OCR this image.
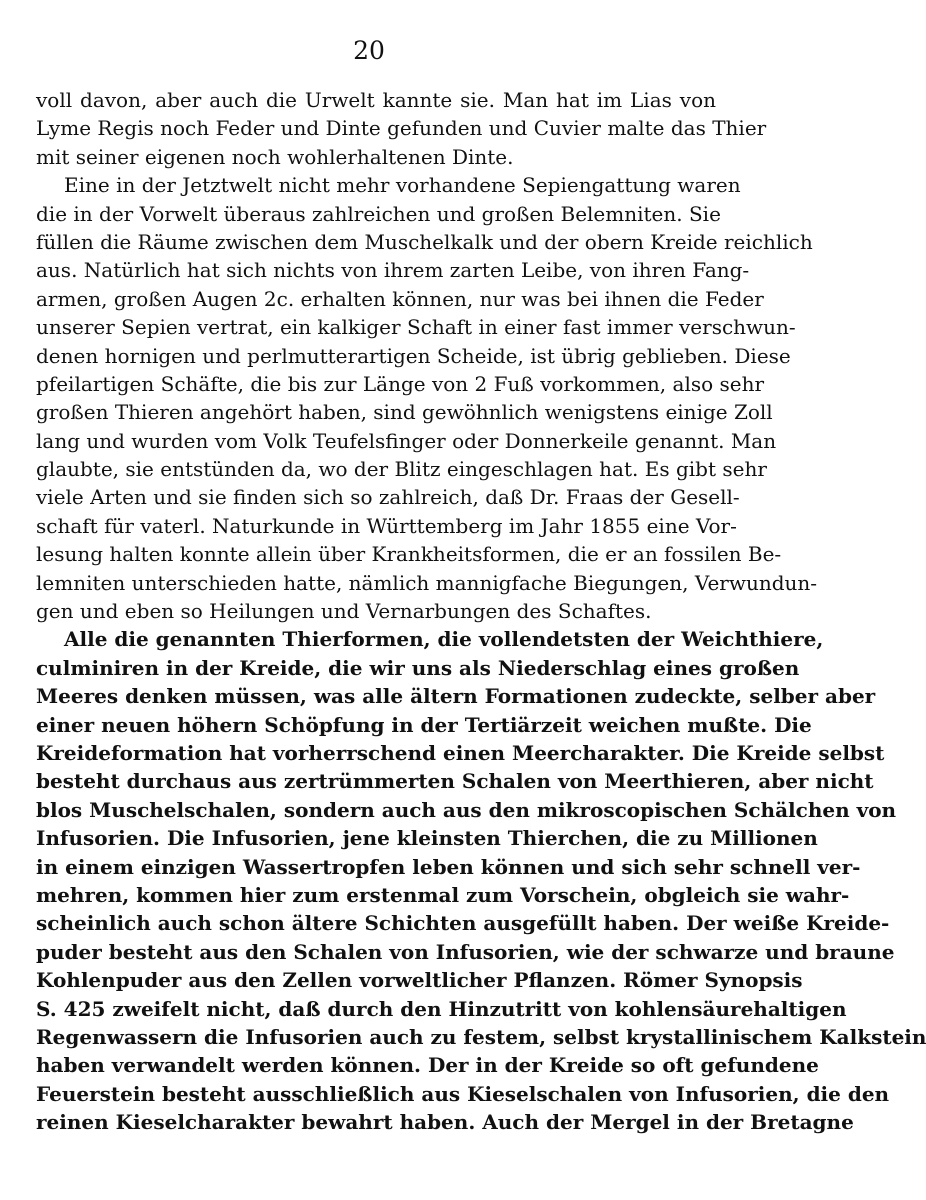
20
voll davon, aber auch die Urwelt kannte sie. Man hat im Lias von
Lyme Regis noch Feder und Dinte gefunden und Cuvier malte das Thier
mit seiner eigenen noch wohlerhaltenen Dinte.
Eine in der Jetztwelt nicht mehr vorhandene Sepiengattung waren
die in der Vorwelt überaus zahlreichen und großen Belemniten. Sie
füllen die Räume zwischen dem Muschelkalk und der obern Kreide reichlich
aus. Natürlich hat sich nichts von ihrem zarten Leibe, von ihren Fang-
armen, großen Augen 2c. erhalten können, nur was bei ihnen die Feder
unserer Sepien vertrat, ein kalkiger Schaft in einer fast immer verschwun-
denen hornigen und perlmutterartigen Scheide, ist übrig geblieben. Diese
pfeilartigen Schäfte, die bis zur Länge von 2 Fuß vorkommen, also sehr
großen Thieren angehört haben, sind gewöhnlich wenigstens einige Zoll
lang und wurden vom Volk Teufelsfinger oder Donnerkeile genannt. Man
glaubte, sie entstünden da, wo der Blitz eingeschlagen hat. Es gibt sehr
viele Arten und sie finden sich so zahlreich, daß Dr. Fraas der Gesell-
schaft für vaterl. Naturkunde in Württemberg im Jahr 1855 eine Vor-
lesung halten konnte allein über Krankheitsformen, die er an fossilen Be-
lemniten unterschieden hatte, nämlich mannigfache Biegungen, Verwundun-
gen und eben so Heilungen und Vernarbungen des Schaftes.
Alle die genannten Thierformen, die vollendetsten der Weichthiere,
culminiren in der Kreide, die wir uns als Niederschlag eines großen
Meeres denken müssen, was alle ältern Formationen zudeckte, selber aber
einer neuen höhern Schöpfung in der Tertiärzeit weichen mußte. Die
Kreideformation hat vorherrschend einen Meercharakter. Die Kreide selbst
besteht durchaus aus zertrümmerten Schalen von Meerthieren, aber nicht
blos Muschelschalen, sondern auch aus den mikroscopischen Schälchen von
Infusorien. Die Infusorien, jene kleinsten Thierchen, die zu Millionen
in einem einzigen Wassertropfen leben können und sich sehr schnell ver-
mehren, kommen hier zum erstenmal zum Vorschein, obgleich sie wahr-
scheinlich auch schon ältere Schichten ausgefüllt haben. Der weiße Kreide-
puder besteht aus den Schalen von Infusorien, wie der schwarze und braune
Kohlenpuder aus den Zellen vorweltlicher Pflanzen. Römer Synopsis
S. 425 zweifelt nicht, daß durch den Hinzutritt von kohlensäurehaltigen
Regenwassern die Infusorien auch zu festem, selbst krystallinischem Kalkstein
haben verwandelt werden können. Der in der Kreide so oft gefundene
Feuerstein besteht ausschließlich aus Kieselschalen von Infusorien, die den
reinen Kieselcharakter bewahrt haben. Auch der Mergel in der Bretagne
